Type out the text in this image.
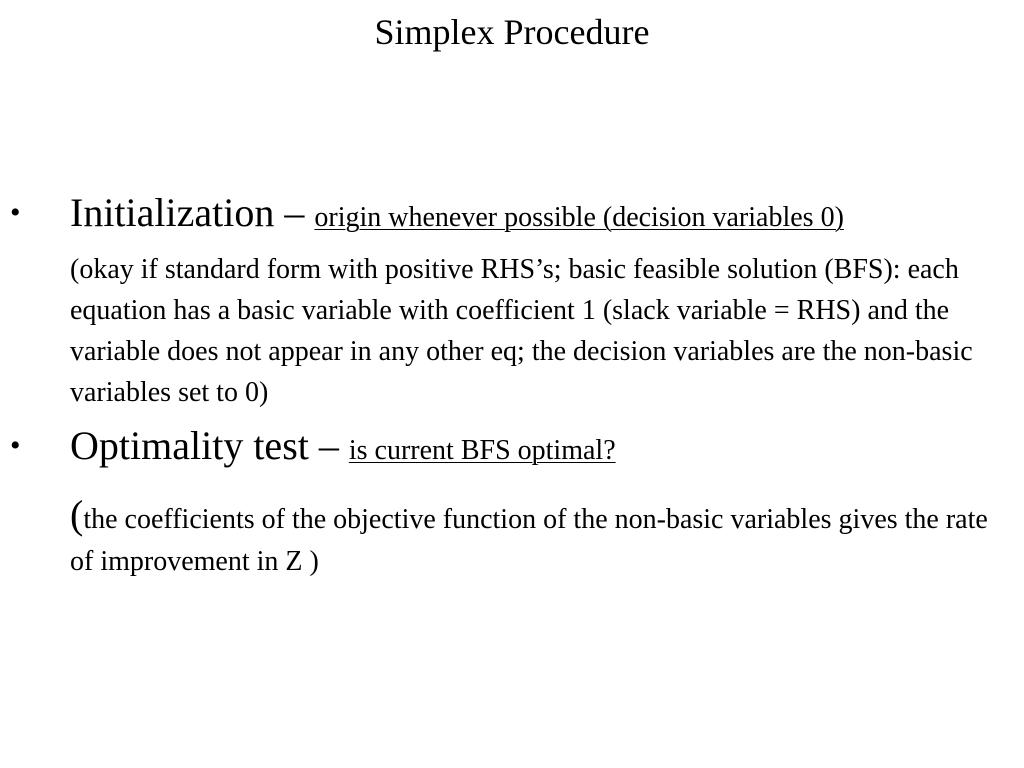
Simplex Procedure
• Initialization – origin whenever possible (decision variables 0)
(okay if standard form with positive RHS’s; basic feasible solution (BFS): each equation has a basic variable with coefficient 1 (slack variable = RHS) and the variable does not appear in any other eq; the decision variables are the non-basic variables set to 0)
• Optimality test – is current BFS optimal?
(the coefficients of the objective function of the non-basic variables gives the rate of improvement in Z )
